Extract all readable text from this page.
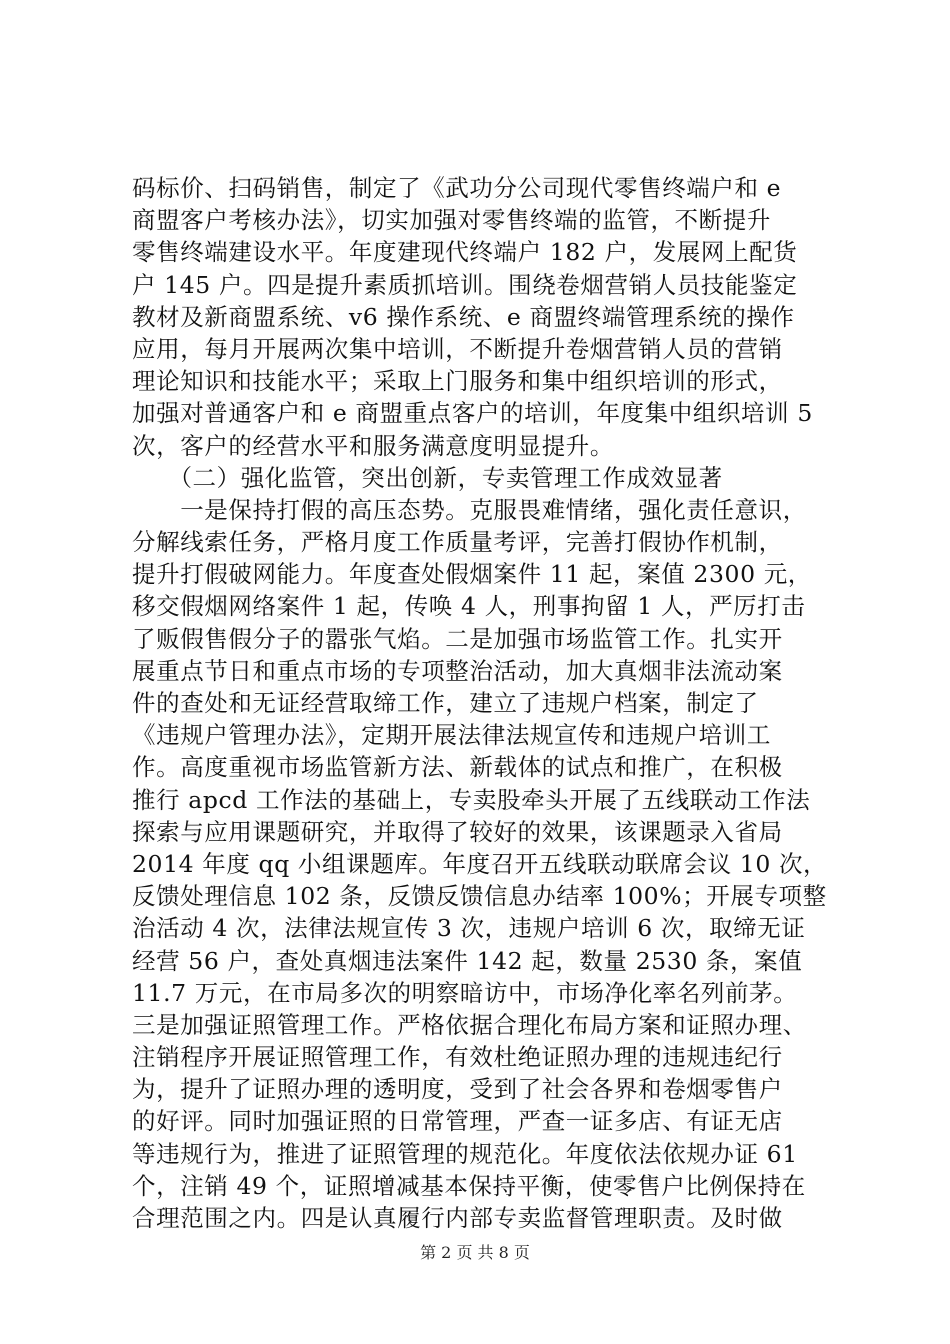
码标价、扫码销售，制定了《武功分公司现代零售终端户和 e
商盟客户考核办法》，切实加强对零售终端的监管，不断提升
零售终端建设水平。年度建现代终端户 182 户，发展网上配货
户 145 户。四是提升素质抓培训。围绕卷烟营销人员技能鉴定
教材及新商盟系统、v6 操作系统、e 商盟终端管理系统的操作
应用，每月开展两次集中培训，不断提升卷烟营销人员的营销
理论知识和技能水平；采取上门服务和集中组织培训的形式，
加强对普通客户和 e 商盟重点客户的培训，年度集中组织培训 5
次，客户的经营水平和服务满意度明显提升。
　　（二）强化监管，突出创新，专卖管理工作成效显著
　　一是保持打假的高压态势。克服畏难情绪，强化责任意识，
分解线索任务，严格月度工作质量考评，完善打假协作机制，
提升打假破网能力。年度查处假烟案件 11 起，案值 2300 元，
移交假烟网络案件 1 起，传唤 4 人，刑事拘留 1 人，严厉打击
了贩假售假分子的嚣张气焰。二是加强市场监管工作。扎实开
展重点节日和重点市场的专项整治活动，加大真烟非法流动案
件的查处和无证经营取缔工作，建立了违规户档案，制定了
《违规户管理办法》，定期开展法律法规宣传和违规户培训工
作。高度重视市场监管新方法、新载体的试点和推广，在积极
推行 apcd 工作法的基础上，专卖股牵头开展了五线联动工作法
探索与应用课题研究，并取得了较好的效果，该课题录入省局
2014 年度 qq 小组课题库。年度召开五线联动联席会议 10 次，
反馈处理信息 102 条，反馈反馈信息办结率 100%；开展专项整
治活动 4 次，法律法规宣传 3 次，违规户培训 6 次，取缔无证
经营 56 户，查处真烟违法案件 142 起，数量 2530 条，案值
11.7 万元，在市局多次的明察暗访中，市场净化率名列前茅。
三是加强证照管理工作。严格依据合理化布局方案和证照办理、
注销程序开展证照管理工作，有效杜绝证照办理的违规违纪行
为，提升了证照办理的透明度，受到了社会各界和卷烟零售户
的好评。同时加强证照的日常管理，严查一证多店、有证无店
等违规行为，推进了证照管理的规范化。年度依法依规办证 61
个，注销 49 个，证照增减基本保持平衡，使零售户比例保持在
合理范围之内。四是认真履行内部专卖监督管理职责。及时做
第 2 页 共 8 页
